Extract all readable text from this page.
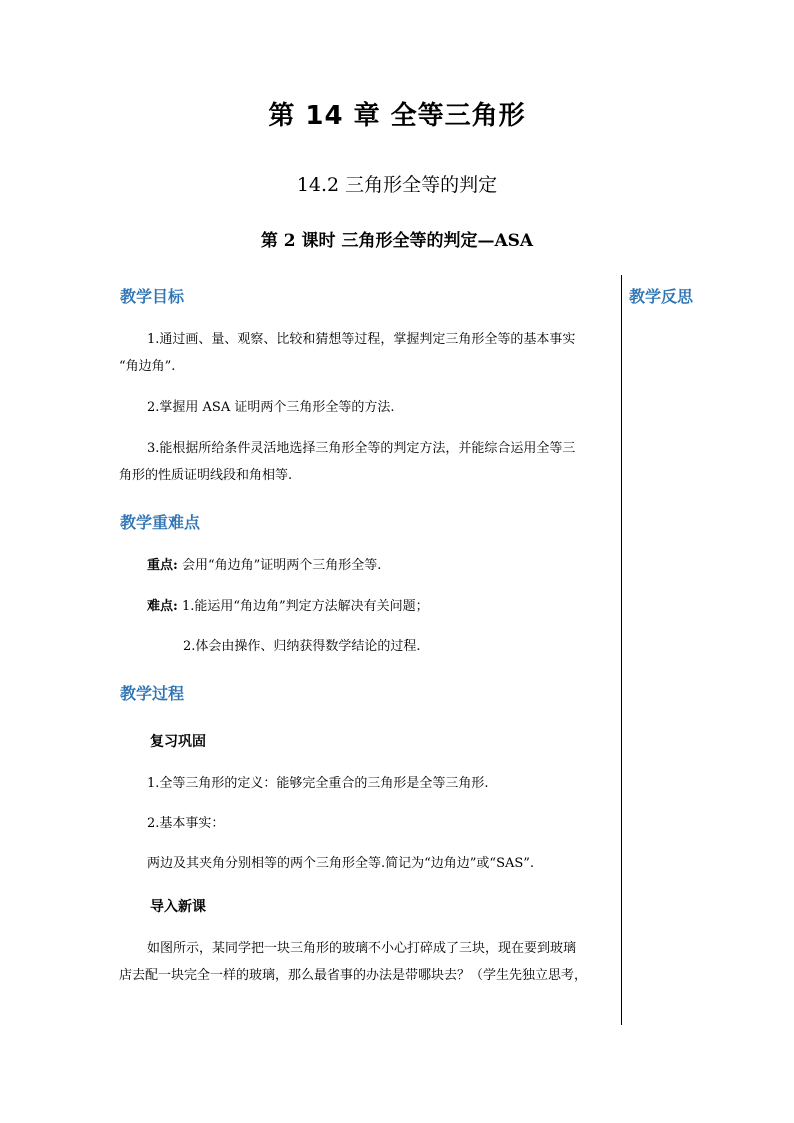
第 14 章 全等三角形
14.2 三角形全等的判定
第 2 课时 三角形全等的判定—ASA
教学反思
教学目标
1.通过画、量、观察、比较和猜想等过程，掌握判定三角形全等的基本事实
“角边角”.
2.掌握用 ASA 证明两个三角形全等的方法.
3.能根据所给条件灵活地选择三角形全等的判定方法，并能综合运用全等三
角形的性质证明线段和角相等.
教学重难点
重点: 会用“角边角”证明两个三角形全等.
难点: 1.能运用“角边角”判定方法解决有关问题；
2.体会由操作、归纳获得数学结论的过程.
教学过程
复习巩固
1.全等三角形的定义：能够完全重合的三角形是全等三角形.
2.基本事实：
两边及其夹角分别相等的两个三角形全等.简记为“边角边”或“SAS”.
导入新课
如图所示，某同学把一块三角形的玻璃不小心打碎成了三块，现在要到玻璃
店去配一块完全一样的玻璃，那么最省事的办法是带哪块去？（学生先独立思考，
